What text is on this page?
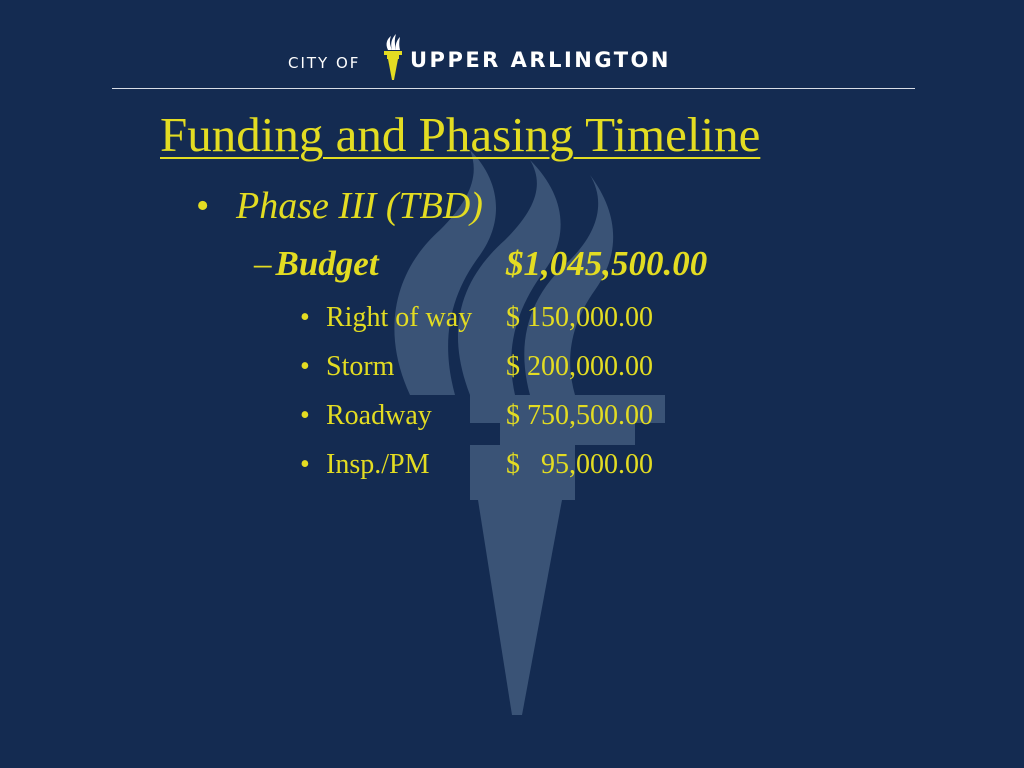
CITY OF UPPER ARLINGTON
Funding and Phasing Timeline
• Phase III (TBD)
– Budget	$1,045,500.00
• Right of way $ 150,000.00
• Storm	$ 200,000.00
• Roadway	$ 750,500.00
• Insp./PM	$   95,000.00
